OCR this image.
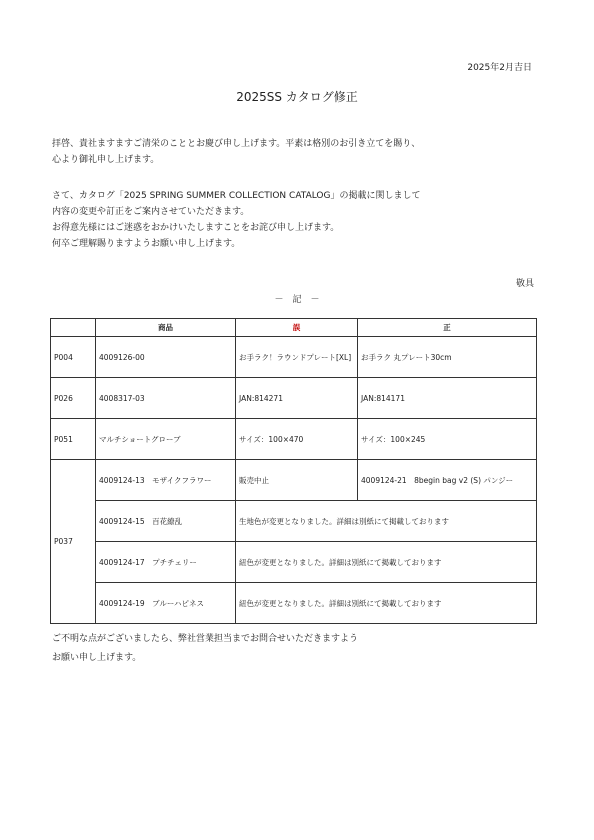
2025年2月吉日
2025SS カタログ修正
拝啓、貴社ますますご清栄のこととお慶び申し上げます。平素は格別のお引き立てを賜り、
心より御礼申し上げます。
さて、カタログ「2025 SPRING SUMMER COLLECTION CATALOG」の掲載に関しまして
内容の変更や訂正をご案内させていただきます。
お得意先様にはご迷惑をおかけいたしますことをお詫び申し上げます。
何卒ご理解賜りますようお願い申し上げます。
敬具
－　記　－
	商品	誤	正
P004	4009126-00	お手ラク！ラウンドプレート[XL]	お手ラク 丸プレート30cm
P026	4008317-03	JAN:814271	JAN:814171
P051	マルチショートグローブ	サイズ：100×470	サイズ：100×245
P037	4009124-13　モザイクフラワー	販売中止	4009124-21　8begin bag v2 (S) パンジー
	4009124-15　百花繚乱	生地色が変更となりました。詳細は別紙にて掲載しております	
	4009124-17　プチチェリー	紐色が変更となりました。詳細は別紙にて掲載しております	
	4009124-19　ブルーハピネス	紐色が変更となりました。詳細は別紙にて掲載しております	
ご不明な点がございましたら、弊社営業担当までお問合せいただきますよう
お願い申し上げます。
